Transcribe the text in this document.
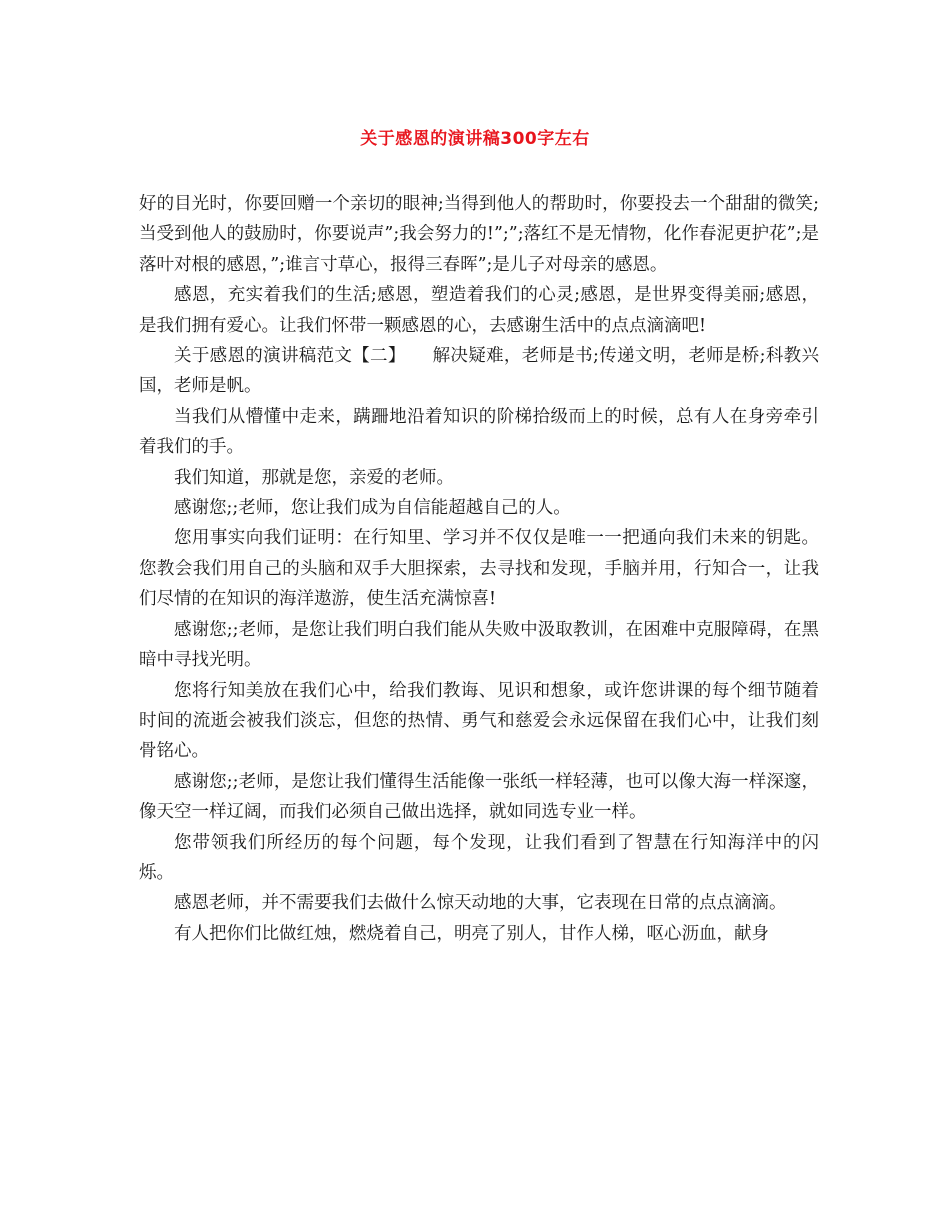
关于感恩的演讲稿300字左右

好的目光时，你要回赠一个亲切的眼神;当得到他人的帮助时，你要投去一个甜甜的微笑;当受到他人的鼓励时，你要说声”;我会努力的!”;”;落红不是无情物，化作春泥更护花”;是落叶对根的感恩，”;谁言寸草心，报得三春晖”;是儿子对母亲的感恩。

感恩，充实着我们的生活;感恩，塑造着我们的心灵;感恩，是世界变得美丽;感恩，是我们拥有爱心。让我们怀带一颗感恩的心，去感谢生活中的点点滴滴吧!

关于感恩的演讲稿范文【二】　　解决疑难，老师是书;传递文明，老师是桥;科教兴国，老师是帆。

当我们从懵懂中走来，蹒跚地沿着知识的阶梯拾级而上的时候，总有人在身旁牵引着我们的手。

我们知道，那就是您，亲爱的老师。

感谢您;;老师，您让我们成为自信能超越自己的人。

您用事实向我们证明：在行知里、学习并不仅仅是唯一一把通向我们未来的钥匙。您教会我们用自己的头脑和双手大胆探索，去寻找和发现，手脑并用，行知合一，让我们尽情的在知识的海洋遨游，使生活充满惊喜!

感谢您;;老师，是您让我们明白我们能从失败中汲取教训，在困难中克服障碍，在黑暗中寻找光明。

您将行知美放在我们心中，给我们教诲、见识和想象，或许您讲课的每个细节随着时间的流逝会被我们淡忘，但您的热情、勇气和慈爱会永远保留在我们心中，让我们刻骨铭心。

感谢您;;老师，是您让我们懂得生活能像一张纸一样轻薄，也可以像大海一样深邃，像天空一样辽阔，而我们必须自己做出选择，就如同选专业一样。

您带领我们所经历的每个问题，每个发现，让我们看到了智慧在行知海洋中的闪烁。

感恩老师，并不需要我们去做什么惊天动地的大事，它表现在日常的点点滴滴。

有人把你们比做红烛，燃烧着自己，明亮了别人，甘作人梯，呕心沥血，献身
